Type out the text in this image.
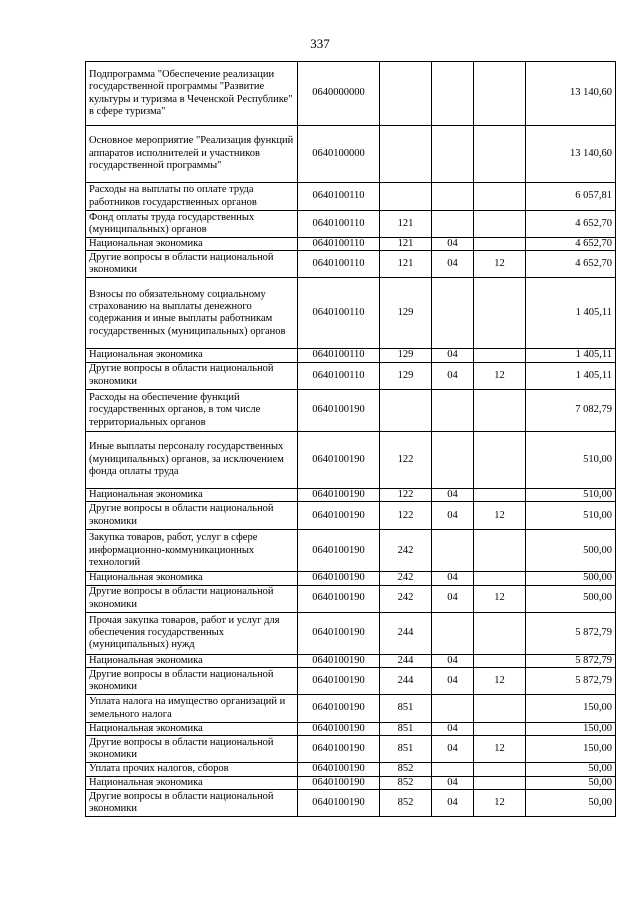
337
Подпрограмма "Обеспечение реализации государственной программы "Развитие культуры и туризма в Чеченской Республике" в сфере туризма"	0640000000				13 140,60
Основное мероприятие "Реализация функций аппаратов исполнителей и участников государственной программы"	0640100000				13 140,60
Расходы на выплаты по оплате труда работников государственных органов	0640100110				6 057,81
Фонд оплаты труда государственных (муниципальных) органов	0640100110	121			4 652,70
Национальная экономика	0640100110	121	04		4 652,70
Другие вопросы в области национальной экономики	0640100110	121	04	12	4 652,70
Взносы по обязательному социальному страхованию на выплаты денежного содержания и иные выплаты работникам государственных (муниципальных) органов	0640100110	129			1 405,11
Национальная экономика	0640100110	129	04		1 405,11
Другие вопросы в области национальной экономики	0640100110	129	04	12	1 405,11
Расходы на обеспечение функций государственных органов, в том числе территориальных органов	0640100190				7 082,79
Иные выплаты персоналу государственных (муниципальных) органов, за исключением фонда оплаты труда	0640100190	122			510,00
Национальная экономика	0640100190	122	04		510,00
Другие вопросы в области национальной экономики	0640100190	122	04	12	510,00
Закупка товаров, работ, услуг в сфере информационно-коммуникационных технологий	0640100190	242			500,00
Национальная экономика	0640100190	242	04		500,00
Другие вопросы в области национальной экономики	0640100190	242	04	12	500,00
Прочая закупка товаров, работ и услуг для обеспечения государственных (муниципальных) нужд	0640100190	244			5 872,79
Национальная экономика	0640100190	244	04		5 872,79
Другие вопросы в области национальной экономики	0640100190	244	04	12	5 872,79
Уплата налога на имущество организаций и земельного налога	0640100190	851			150,00
Национальная экономика	0640100190	851	04		150,00
Другие вопросы в области национальной экономики	0640100190	851	04	12	150,00
Уплата прочих налогов, сборов	0640100190	852			50,00
Национальная экономика	0640100190	852	04		50,00
Другие вопросы в области национальной экономики	0640100190	852	04	12	50,00
